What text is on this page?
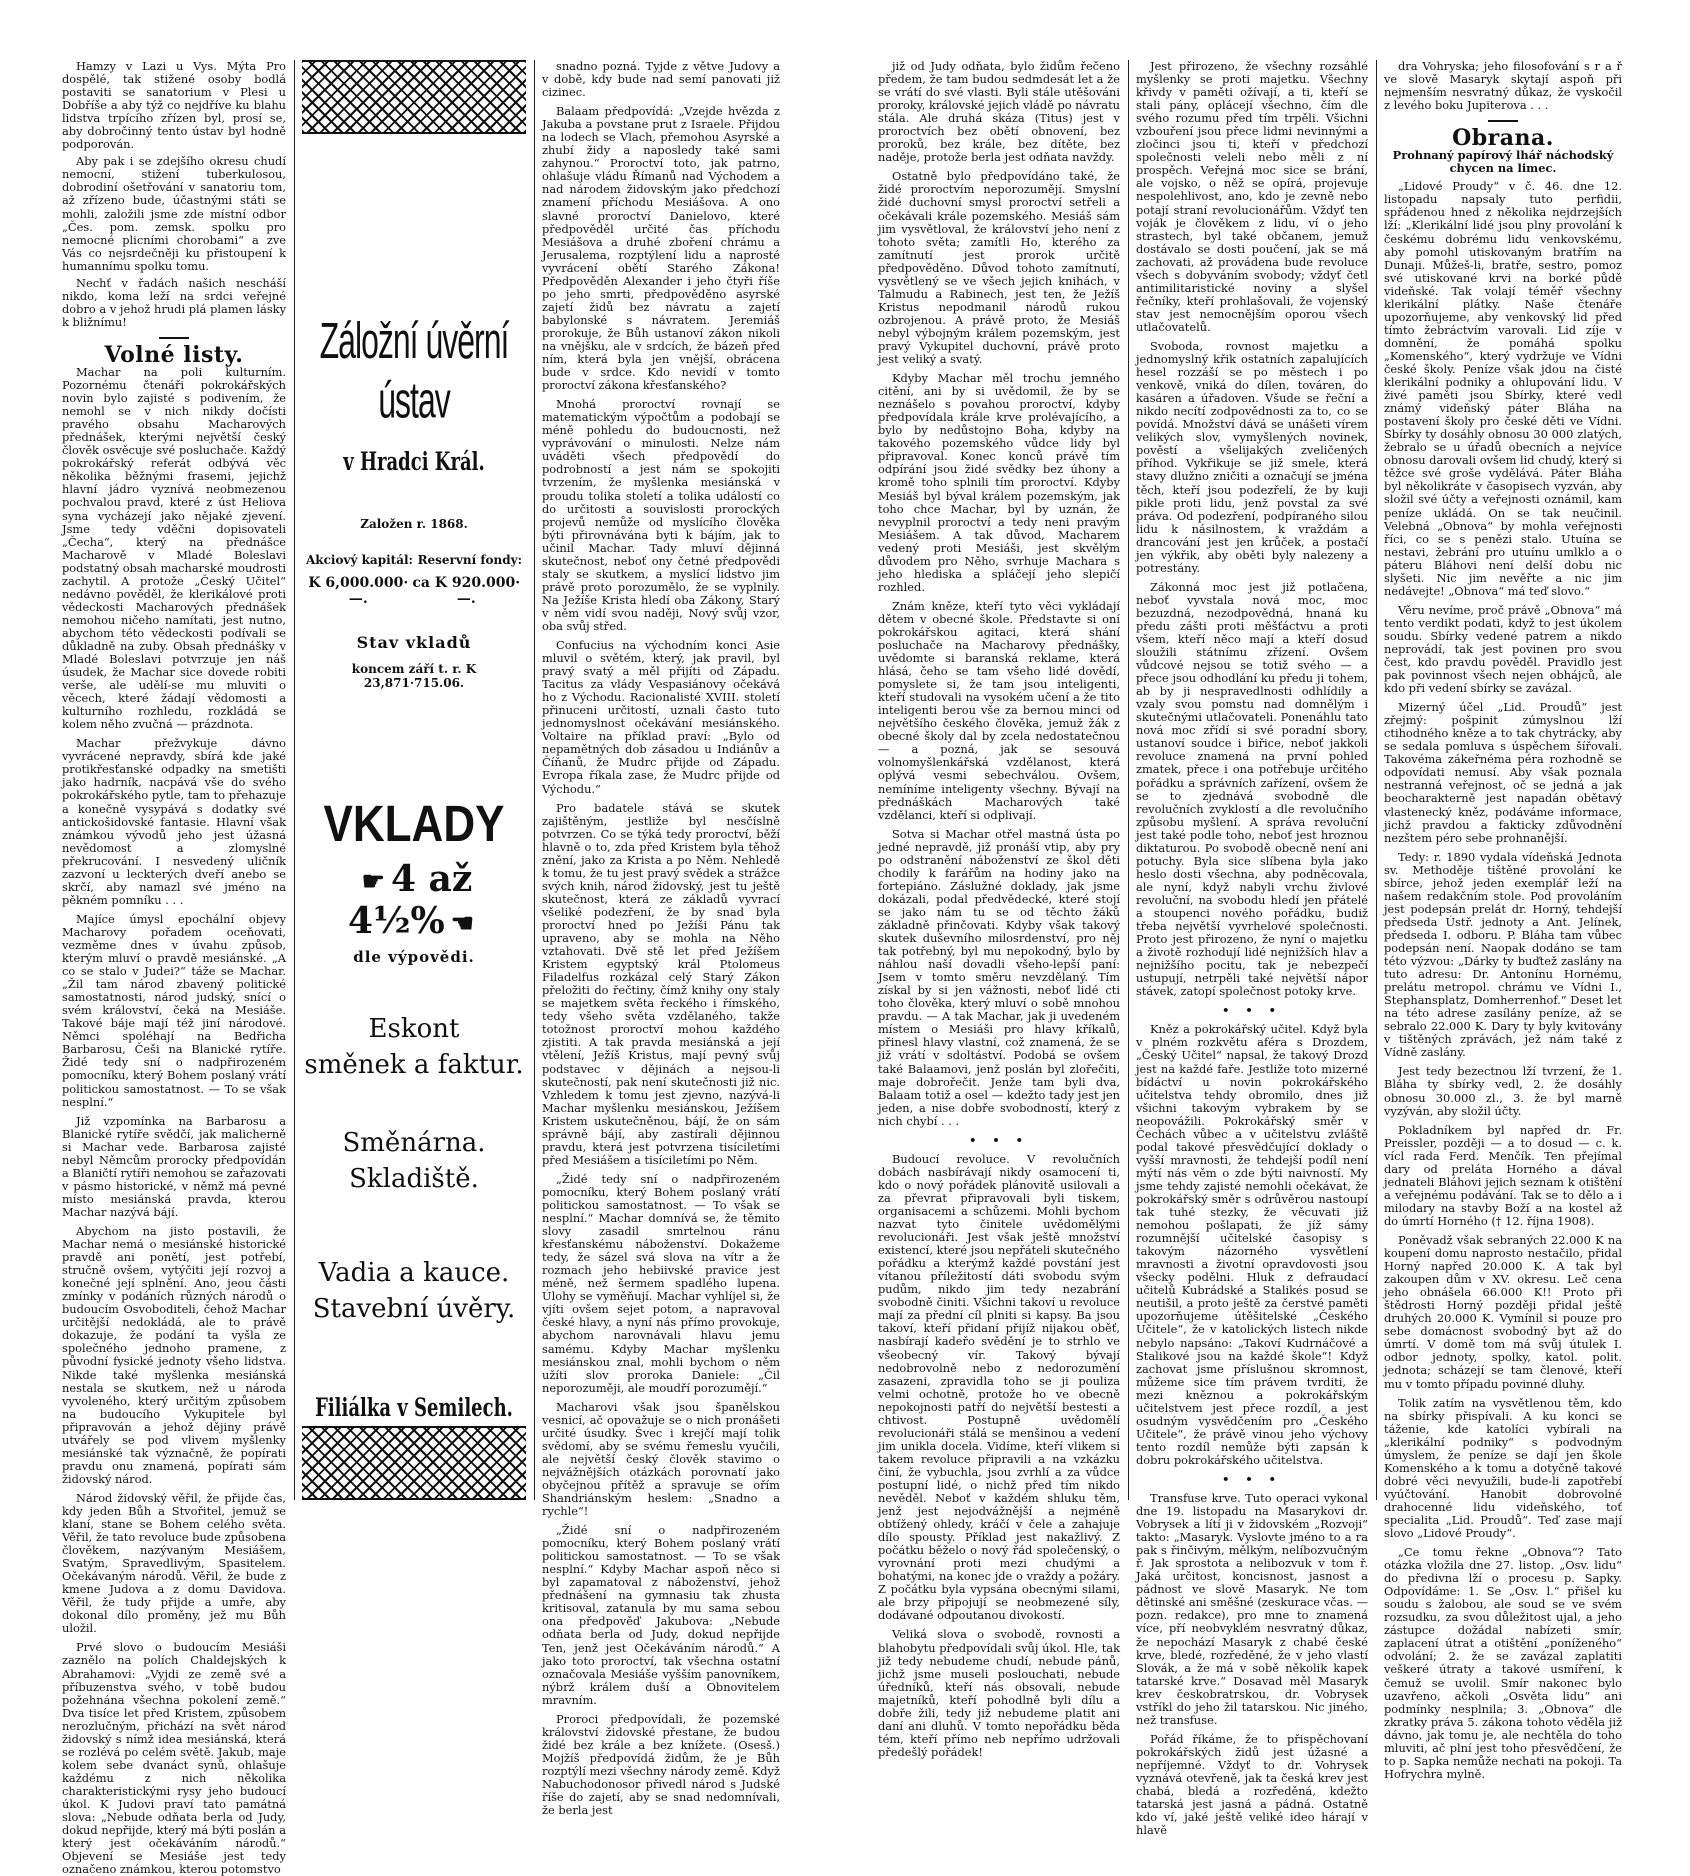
Hamzy v Lazi u Vys. Mýta Pro dospělé, tak stižené osoby bodlá postaviti se sanatorium v Plesi u Dobříše a aby týž co nejdříve ku blahu lidstva trpícího zřízen byl, prosí se, aby dobročinný tento ústav byl hodně podporován.

Aby pak i se zdejšího okresu chudí nemocní, stižení tuberkulosou, dobrodiní ošetřování v sanatoriu tom, až zřízeno bude, účastnými státi se mohli, založili jsme zde místní odbor „Čes. pom. zemsk. spolku pro nemocné plicními chorobami“ a zve Vás co nejsrdečněji ku přistoupení k humannímu spolku tomu.

Nechť v řadách našich nescháší nikdo, koma leží na srdci veřejné dobro a v jehož hrudi plá plamen lásky k bližnímu!

Volné listy.

Machar na poli kulturním. Pozornému čtenáři pokrokářských novin bylo zajisté s podivením, že nemohl se v nich nikdy dočísti pravého obsahu Macharových přednášek, kterými největší český člověk osvěcuje své posluchače. Každý pokrokářský referát odbývá věc několika běžnými frasemi, jejichž hlavní jádro vyznívá neobmezenou pochvalou pravd, které z úst Heliova syna vycházejí jako nějaké zjevení. Jsme tedy vděčni dopisovateli „Čecha“, který na přednášce Macharově v Mladé Boleslavi podstatný obsah macharské moudrosti zachytil. A protože „Český Učitel“ nedávno pověděl, že klerikálové proti vědeckosti Macharových přednášek nemohou ničeho namítati, jest nutno, abychom této vědeckosti podívali se důkladně na zuby. Obsah přednášky v Mladé Boleslavi potvrzuje jen náš úsudek, že Machar sice dovede robiti verše, ale udělí-se mu mluviti o věcech, které žádají vědomosti a kulturního rozhledu, rozkládá se kolem něho zvučná — prázdnota.

Machar přežvykuje dávno vyvrácené nepravdy, sbírá kde jaké protikřesťanské odpadky na smetišti jako hadrník, nacpává vše do svého pokrokářského pytle, tam to přehazuje a konečně vysypává s dodatky své antickošidovské fantasie. Hlavní však známkou vývodů jeho jest úžasná nevědomost a zlomyslné překrucování. I nesvedený uličník zazvoní u leckterých dveří anebo se skrčí, aby namazl své jméno na pěkném pomníku . . .

Majíce úmysl epochální objevy Macharovy pořadem oceňovati, vezměme dnes v úvahu způsob, kterým mluví o pravdě mesiánské. „A co se stalo v Judei?“ táže se Machar. „Žil tam národ zbavený politické samostatnosti, národ judský, snící o svém království, čeká na Mesiáše. Takové báje mají též jiní národové. Němci spoléhají na Bedřicha Barbarosu, Češi na Blanické rytíře. Židé tedy sní o nadpřirozeném pomocníku, který Bohem poslaný vrátí politickou samostatnost. — To se však nesplní.“

Již vzpomínka na Barbarosu a Blanické rytíře svědčí, jak malicherně si Machar vede. Barbarosa zajisté nebyl Němcům prorocky předpovídán a Blaničtí rytíři nemohou se zařazovati v pásmo historické, v němž má pevné místo mesiánská pravda, kterou Machar nazývá bájí.

Abychom na jisto postavili, že Machar nemá o mesiánské historické pravdě ani ponětí, jest potřebí, stručně ovšem, vytýčiti její rozvoj a konečné její splnění. Ano, jeou části zmínky v podáních různých národů o budoucím Osvoboditeli, čehož Machar určitější nedokládá, ale to právě dokazuje, že podání ta vyšla ze společného jednoho pramene, z původní fysické jednoty všeho lidstva. Nikde také myšlenka mesiánská nestala se skutkem, než u národa vyvoleného, který určitým způsobem na budoucího Vykupitele byl připravován a jehož dějiny právě utvářely se pod vlivem myšlenky mesiánské tak význačně, že popírati pravdu onu znamená, popírati sám židovský národ.

Národ židovský věřil, že přijde čas, kdy jeden Bůh a Stvořitel, jemuž se klaní, stane se Bohem celého světa. Věřil, že tato revoluce bude způsobena člověkem, nazývaným Mesiášem, Svatým, Spravedlivým, Spasitelem. Očekávaným národů. Věřil, že bude z kmene Judova a z domu Davidova. Věřil, že tudy přijde a umře, aby dokonal dílo proměny, jež mu Bůh uložil.

Prvé slovo o budoucím Mesiáši zaznělo na polích Chaldejských k Abrahamovi: „Vyjdi ze země své a příbuzenstva svého, v tobě budou požehnána všechna pokolení země.“ Dva tisíce let před Kristem, způsobem nerozlučným, přichází na svět národ židovský s nímž idea mesiánská, která se rozlévá po celém světě. Jakub, maje kolem sebe dvanáct synů, ohlašuje každému z nich několika charakteristickými rysy jeho budoucí úkol. K Judovi praví tato památná slova: „Nebude odňata berla od Judy, dokud nepřijde, který má býti poslán a který jest očekáváním národů.“ Objevení se Mesiáše jest tedy označeno známkou, kterou potomstvo

Záložní úvěrní ústav
v Hradci Král.
Založen r. 1868.
Akciový kapitál: Reservní fondy:
K 6,000.000·—.
ca K 920.000·—.
Stav vkladů
koncem září t. r. K 23,871·715.06.
VKLADY
☛ 4 až 4½% ☚
dle výpovědi.
Eskont
směnek a faktur.
Směnárna.
Skladiště.
Vadia a kauce.
Stavební úvěry.
Filiálka v Semilech.

snadno pozná. Tyjde z větve Judovy a v době, kdy bude nad semí panovati již cizinec.

Balaam předpovídá: „Vzejde hvězda z Jakuba a povstane prut z Israele. Přijdou na lodech se Vlach, přemohou Asyrské a zhubí židy a naposledy také sami zahynou.“ Proroctví toto, jak patrno, ohlašuje vládu Římanů nad Východem a nad národem židovským jako předchozí znamení příchodu Mesiášova. A ono slavné proroctví Danielovo, které předpověděl určité čas příchodu Mesiášova a druhé zboření chrámu a Jerusalema, rozptýlení lidu a naprosté vyvrácení obětí Starého Zákona! Předpověděn Alexander i jeho čtyři říše po jeho smrti, předpověděno asyrské zajetí židů bez návratu a zajetí babylonské s návratem. Jeremiáš prorokuje, že Bůh ustanoví zákon nikoli na vnějšku, ale v srdcích, že bázeň před ním, která byla jen vnější, obrácena bude v srdce. Kdo nevidí v tomto proroctví zákona křesťanského?

Mnohá proroctví rovnají se matematickým výpočtům a podobají se méně pohledu do budoucnosti, než vyprávování o minulosti. Nelze nám uváděti všech předpovědí do podrobností a jest nám se spokojiti tvrzením, že myšlenka mesiánská v proudu tolika století a tolika událostí co do určitosti a souvislosti prorockých projevů nemůže od myslícího člověka býti přirovnávána byti k bájím, jak to učinil Machar. Tady mluví dějinná skutečnost, neboť ony četné předpovědi staly se skutkem, a myslící lidstvo jim právě proto porozumělo, že se vyplnily. Na Ježíše Krista hledí oba Zákony, Starý v něm vidí svou naději, Nový svůj vzor, oba svůj střed.

Confucius na východním konci Asie mluvil o světém, který, jak pravil, byl pravý svatý a měl přijíti od Západu. Tacitus za vlády Vespasiánovy očekává ho z Východu. Racionalisté XVIII. století přinuceni určitostí, uznali často tuto jednomyslnost očekávání mesiánského. Voltaire na příklad praví: „Bylo od nepamětných dob zásadou u Indiánův a Číňanů, že Mudrc přijde od Západu. Evropa říkala zase, že Mudrc přijde od Východu.“

Pro badatele stává se skutek zajištěným, jestliže byl nesčíslně potvrzen. Co se týká tedy proroctví, běží hlavně o to, zda před Kristem byla těhož znění, jako za Krista a po Něm. Nehledě k tomu, že tu jest pravý svědek a strážce svých knih, národ židovský, jest tu ještě skutečnost, která ze základů vyvrací všeliké podezření, že by snad byla proroctví hned po Ježíši Pánu tak upraveno, aby se mohla na Něho vztahovati. Dvě stě let před Ježíšem Kristem egyptský král Ptolomeus Filadelfus rozkázal celý Starý Zákon přeložiti do řečtiny, čímž knihy ony staly se majetkem světa řeckého i římského, tedy všeho světa vzdělaného, takže totožnost proroctví mohou každého zjistiti. A tak pravda mesiánská a její vtělení, Ježíš Kristus, mají pevný svůj podstavec v dějinách a nejsou-li skutečností, pak není skutečnosti již nic. Vzhledem k tomu jest zjevno, nazývá-li Machar myšlenku mesiánskou, Ježíšem Kristem uskutečněnou, bájí, že on sám správně bájí, aby zastírali dějinnou pravdu, která jest potvrzena tisíciletími před Mesiášem a tisíciletími po Něm.

„Židé tedy sní o nadpřirozeném pomocníku, který Bohem poslaný vrátí politickou samostatnost. — To však se nesplní.“ Machar domnívá se, že těmito slovy zasadil smrtelnou ránu křesťanskému náboženství. Dokažeme tedy, že sázel svá slova na vítr a že rozmach jeho hebiivské pravice jest méně, než šermem spadlého lupena. Úlohy se vyměňují. Machar vyhlíjel si, že vjíti ovšem sejet potom, a napravoval české hlavy, a nyní nás přímo provokuje, abychom narovnávali hlavu jemu samému. Kdyby Machar myšlenku mesiánskou znal, mohli bychom o něm užíti slov proroka Daniele: „Čil neporozuměji, ale moudří porozumějí.“

Macharovi však jsou španělskou vesnicí, ač opovažuje se o nich pronášeti určité úsudky. Švec i krejčí mají tolik svědomí, aby se svému řemeslu vyučili, ale největší český člověk stavimo o nejvážnějších otázkách porovnatí jako obyčejnou přítěž a spravuje se ořím Shandriánským heslem: „Snadno a rychle“!

„Židé sní o nadpřirozeném pomocníku, který Bohem poslaný vrátí politickou samostatnost. — To se však nesplní.“ Kdyby Machar aspoň něco si byl zapamatoval z náboženství, jehož přednášení na gymnasiu tak zhusta kritisoval, zatanula by mu sama sebou ona předpověď Jakubova: „Nebude odňata berla od Judy, dokud nepřijde Ten, jenž jest Očekáváním národů.“ A jako toto proroctví, tak všechna ostatní označovala Mesiáše vyšším panovníkem, nýbrž králem duší a Obnovitelem mravním.

Proroci předpovídali, že pozemské království židovské přestane, že budou židé bez krále a bez knížete. (Osesš.) Mojžíš předpovídá židům, že je Bůh rozptýlí mezi všechny národy země. Když Nabuchodonosor přivedl národ s Judské říše do zajetí, aby se snad nedomnívali, že berla jest

již od Judy odňata, bylo židům řečeno předem, že tam budou sedmdesát let a že se vrátí do své vlasti. Byli stále utěšováni proroky, královské jejich vládě po návratu stála. Ale druhá skáza (Titus) jest v proroctvích bez obětí obnovení, bez proroků, bez krále, bez dítěte, bez naděje, protože berla jest odňata navždy.

Ostatně bylo předpovídáno také, že židé proroctvím neporozumějí. Smyslní židé duchovní smysl proroctví setřeli a očekávali krále pozemského. Mesiáš sám jim vysvětloval, že království jeho není z tohoto světa; zamítli Ho, kterého za zamítnutí jest prorok určitě předpověděno. Důvod tohoto zamítnutí, vysvětlený se ve všech jejich knihách, v Talmudu a Rabinech, jest ten, že Ježíš Kristus nepodmanil národů rukou ozbrojenou. A právě proto, že Mesiáš nebyl výbojným králem pozemským, jest pravý Vykupitel duchovní, právě proto jest veliký a svatý.

Kdyby Machar měl trochu jemného citění, ani by si uvědomil, že by se neznášelo s povahou proroctví, kdyby předpovídala krále krve prolévajícího, a bylo by nedůstojno Boha, kdyby na takového pozemského vůdce lidy byl připravoval. Konec konců právě tím odpírání jsou židé svědky bez úhony a kromě toho splnili tím proroctví. Kdyby Mesiáš byl býval králem pozemským, jak toho chce Machar, byl by uznán, že nevyplnil proroctví a tedy neni pravým Mesiášem. A tak důvod, Macharem vedený proti Mesiáši, jest skvělým důvodem pro Něho, svrhuje Machara s jeho hlediska a spláčejí jeho slepičí rozhled.

Znám kněze, kteří tyto věci vykládají dětem v obecné škole. Představte si oní pokrokářskou agitaci, která shání posluchače na Macharovy přednášky, uvědomte si baranská reklame, která hlásá, čeho se tam všeho lidé dovědí, pomyslete si, že tam jsou inteligenti, kteří studovali na vysokém učení a že tito inteligenti berou vše za bernou minci od největšího českého člověka, jemuž žák z obecné školy dal by zcela nedostatečnou — a pozná, jak se sesouvá volnomyšlenkářská vzdělanost, která oplývá vesmi sebechválou. Ovšem, nemíníme inteligenty všechny. Bývají na přednáškách Macharových také vzdělanci, kteří si odplivají.

Sotva si Machar otřel mastná ústa po jedné nepravdě, již pronáší vtip, aby pry po odstranění náboženství ze škol děti chodily k farářům na hodiny jako na fortepiáno. Záslužné doklady, jak jsme dokázali, podal předvědecké, které stojí se jako nám tu se od těchto žáků základně přinčovati. Kdyby však takový skutek duševního milosrdenství, pro něj tak potřebný, byl mu nepokodný, bylo by náhlou naší dovadli všeho-lepší paní: Jsem v tomto směru nevzdělaný. Tím získal by si jen vážnosti, neboť lidé cti toho člověka, který mluví o sobě mnohou pravdu. — A tak Machar, jak ji uvedeném místem o Mesiáši pro hlavy kříkalů, přinesl hlavy vlastní, což znamená, že se již vrátí v sdoltáství. Podobá se ovšem také Balaamovi, jenž poslán byl zlořečiti, maje dobrořečit. Jenže tam byli dva, Balaam totiž a osel — kdežto tady jest jen jeden, a nise dobře svobodností, který z nich chybí . . .

• • •

Budoucí revoluce. V revolučních dobách nasbírávají nikdy osamocení ti, kdo o nový pořádek plánovitě usilovali a za převrat připravovali byli tiskem, organisacemi a schůzemi. Mohli bychom nazvat tyto činitele uvědomělými revolucionáři. Jest však ještě množství existencí, které jsou nepřáteli skutečného pořádku a kterýmž každé povstání jest vítanou příležitostí dáti svobodu svým pudům, nikdo jim tedy nezabrání svobodně činiti. Všichni takoví u revoluce mají za přední cíl plniti si kapsy. Ba jsou takoví, kteří přidaní přijíž nijakou oběť, nasbírají kadeřo svědění je to strhlo ve všeobecný vír. Takový bývají nedobrovolně nebo z nedorozumění zasazeni, zpravidla toho se ji pouliza velmi ochotně, protože ho ve obecně nepokojnosti patří do největší bestesti a chtivost. Postupně uvědomělí revolucionáři stálá se menšinou a vedení jim unikla docela. Vidíme, kteří vlikem si takem revoluce připravili a na vzkázku činí, že vybuchla, jsou zvrhlí a za vůdce postupní lidé, o nichž před tím nikdo nevěděl. Neboť v každém shluku těm, jenž jest nejodvážnější a nejméně obtížený ohledy, kráčí v čele a zahajuje dílo spousty. Příklad jest nakažlivý. Z počátku běželo o nový řád společenský, o vyrovnání proti mezi chudými a bohatými, na konec jde o vraždy a požáry. Z počátku byla vypsána obecnými silami, ale brzy připojují se neobmezené síly, dodávané odpoutanou divokostí.

Veliká slova o svobodě, rovnosti a blahobytu předpovídali svůj úkol. Hle, tak již tedy nebudeme chudí, nebude pánů, jichž jsme museli poslouchati, nebude úředníků, kteří nás obsovali, nebude majetníků, kteří pohodlně byli dílu a dobře žili, tedy již nebudeme platit ani daní ani dluhů. V tomto nepořádku běda tém, kteří přímo neb nepřímo udržovali předešlý pořádek!

Jest přirozeno, že všechny rozsáhlé myšlenky se proti majetku. Všechny křivdy v paměti ožívají, a ti, kteří se stali pány, oplácejí všechno, čím dle svého rozumu před tím trpěli. Všichni vzbouření jsou přece lidmi nevinnými a zločinci jsou ti, kteří v předchozí společnosti veleli nebo měli z ní prospěch. Veřejná moc sice se brání, ale vojsko, o něž se opírá, projevuje nespolehlivost, ano, kdo je zevně nebo potají straní revolucionářům. Vždyť ten voják je člověkem z lidu, ví o jeho strastech, byl také občanem, jemuž dostávalo se dosti poučení, jak se má zachovati, až provádena bude revoluce všech s dobyváním svobody; vždyť četl antimilitaristické noviny a slyšel řečníky, kteří prohlašovali, že vojenský stav jest nemocnějším oporou všech utlačovatelů.

Svoboda, rovnost majetku a jednomyslný křik ostatních zapalujících hesel rozzáší se po městech i po venkově, vniká do dílen, továren, do kasáren a úřadoven. Všude se řeční a nikdo necítí zodpovědnosti za to, co se povídá. Množství dává se unášeti vírem velikých slov, vymyšlených novinek, pověstí a všelijakých zveličených příhod. Vykřikuje se již smele, která stavy dlužno zničiti a označují se jména těch, kteří jsou podezřelí, že by kuji pikle proti lidu, jenž povstal za své práva. Od podezření, podpíraného silou lidu k násilnostem, k vraždám a drancování jest jen krůček, a postačí jen výkřik, aby oběti byly nalezeny a potrestány.

Zákonná moc jest již potlačena, neboť vyvstala nová moc, moc bezuzdná, nezodpovědná, hnaná ku předu zášti proti měšťáctvu a proti všem, kteří něco mají a kteří dosud sloužili státnímu zřízení. Ovšem vůdcové nejsou se totiž svého — a přece jsou odhodlání ku předu ji tohem, ab by ji nespravedlnosti odhlídily a vzaly svou pomstu nad domnělým i skutečnými utlačovateli. Ponenáhlu tato nová moc zřídí si své poradní sbory, ustanoví soudce i biřice, neboť jakkoli revoluce znamená na první pohled zmatek, přece i ona potřebuje určitého pořádku a správních zařízení, ovšem že se to zjednává svobodně dle revolučních zvyklostí a dle revolučního způsobu myšlení. A správa revoluční jest také podle toho, neboť jest hroznou diktaturou. Po svobodě obecně není ani potuchy. Byla sice slíbena byla jako heslo dosti všechna, aby podněcovala, ale nyní, když nabyli vrchu živlové revoluční, na svobodu hledí jen přátelé a stoupenci nového pořádku, budiž třeba největší vyvrhelové společnosti. Proto jest přirozeno, že nyní o majetku a životě rozhodují lidé nejnižších hlav a nejnižšího pocitu, tak je nebezpečí ustupují, netrpěli také největší nápor stávek, zatopí společnost potoky krve.

• • •

Kněz a pokrokářský učitel. Když byla v plném rozkvětu aféra s Drozdem, „Český Učitel“ napsal, že takový Drozd jest na každé faře. Jestliže toto mizerné bídáctví u novin pokrokářského učitelstva tehdy obromilo, dnes již všichni takovým vybrakem by se neopovážili. Pokrokářský směr v Čechách vůbec a v učitelstvu zvláště podal takové přesvědčující doklady o vyšší mravnosti, že tehdejší podíl není mýtí nás věm o zde býti naivností. My jsme tehdy zajisté nemohli očekávat, že pokrokářský směr s odrůvěrou nastoupí tak tuhé stezky, že věcuvati již nemohou pošlapati, že jíž sámy rozumnější učitelské časopisy s takovým názorného vysvětlení mravnosti a životní opravdovosti jsou všecky podělni. Hluk z defraudací učitelů Kubrádské a Stalikés posud se neutišil, a proto ještě za čerstvé paměti upozorňujeme útěšitelské „Českého Učitele“, že v katolických listech nikde nebylo napsáno: „Takoví Kudrnáčové a Stalikové jsou na každé škole“! Když zachovat jsme příslušnou skromnost, můžeme sice tím právem tvrditi, že mezi kněznou a pokrokářským učitelstvem jest přece rozdíl, a jest osudným vysvědčením pro „Českého Učitele“, že právě vinou jeho výchovy tento rozdíl nemůže býti zapsán k dobru pokrokářského učitelstva.

• • •

Transfuse krve. Tuto operaci vykonal dne 19. listopadu na Masarykovi dr. Vobrysek a lítí ji v židovském „Rozvoji“ takto: „Masaryk. Vyslovte jméno to a ra pak s řinčivým, mělkým, nelíbozvučným ř. Jak sprostota a nelibozvuk v tom ř. Jaká určitost, koncisnost, jasnost a pádnost ve slově Masaryk. Ne tom dětinské ani směšné (zeskurace včas. — pozn. redakce), pro mne to znamená více, pří neobvyklém nesvratný důkaz, že nepochází Masaryk z chabé české krve, bledé, rozředěné, že v jeho vlastí Slovák, a že má v sobě několik kapek tatarské krve.“ Dosavad měl Masaryk krev českobratrskou, dr. Vobrysek vstříkl do jeho žil tatarskou. Nic jiného, než transfuse.

Pořád říkáme, že to přispěchovaní pokrokářských židů jest úžasné a nepříjemné. Vždyť to dr. Vohrysek vyznává otevřeně, jak ta česká krev jest chabá, bledá a rozředěná, kdežto tatarská jest jasná a pádná. Ostatně kdo ví, jaké ještě veliké ideo hárají v hlavě

dra Vohryska; jeho filosofování s r a ř ve slově Masaryk skytají aspoň při nejmenším nesvratný důkaz, že vyskočil z levého boku Jupiterova . . .

Obrana.
Prohnaný papírový lhář náchodský chycen na limec.

„Lidové Proudy“ v č. 46. dne 12. listopadu napsaly tuto perfidii, spřádenou hned z několika nejdrzejších lží: „Klerikální lidé jsou plny provolání k českému dobrému lidu venkovskému, aby pomohl utiskovaným bratřím na Dunaji. Můžeš-li, bratře, sestro, pomoz své utiskované krvi na borké půdě videňské. Tak volají téměř všechny klerikální plátky. Naše čtenáře upozorňujeme, aby venkovský lid před tímto žebráctvím varovali. Lid zíje v domnění, že pomáhá spolku „Komenského“, který vydržuje ve Vídni české školy. Peníze však jdou na čisté klerikální podniky a ohlupování lidu. V živé paměti jsou Sbírky, které vedl známý videňský páter Bláha na postavení školy pro české děti ve Vídni. Sbírky ty dosáhly obnosu 30 000 zlatých, žebralo se u úřadů obecních a nejvíce obnosu darovali ovšem lid chudý, který si těžce své groše vydělává. Páter Bláha byl několikráte v časopisech vyzván, aby složil své účty a veřejnosti oznámil, kam peníze ukládá. On se tak neučinil. Velebná „Obnova“ by mohla veřejnosti říci, co se s penězi stalo. Utuína se nestavi, žebrání pro utuínu umlklo a o páteru Bláhovi není delší dobu nic slyšeti. Nic jim nevěřte a nic jim nedávejte! „Obnova“ má teď slovo.“

Věru nevíme, proč právě „Obnova“ má tento verdikt podati, když to jest úkolem soudu. Sbírky vedené patrem a nikdo neprovádí, tak jest povinen pro svou čest, kdo pravdu pověděl. Pravidlo jest pak povinnost všech nejen obhájců, ale kdo při vedení sbírky se zavázal.

Mizerný účel „Lid. Proudů“ jest zřejmý: pošpinit zúmyslnou lží ctihodného kněze a to tak chytrácky, aby se sedala pomluva s úspěchem šířovali. Takovéma zákeřnéma péra rozhodně se odpovídati nemusí. Aby však poznala nestranná veřejnost, oč se jedná a jak beocharakterně jest napadán obětavý vlastenecký kněz, podáváme informace, jichž pravdou a fakticky zdůvodnění nezštem péro sebe prohnanější.

Tedy: r. 1890 vydala vídeňská Jednota sv. Methoděje tištěné provolání ke sbírce, jehož jeden exemplář leží na našem redakčním stole. Pod provoláním jest podepsán prelát dr. Horný, tehdejší předseda Ústř. jednoty a Ant. Jelínek, předseda I. odboru. P. Bláha tam vůbec podepsán není. Naopak dodáno se tam této výzvou: „Dárky ty buďtež zaslány na tuto adresu: Dr. Antonínu Hornému, prelátu metropol. chrámu ve Vídni I., Stephansplatz, Domherrenhof.“ Deset let na této adrese zasílány peníze, až se sebralo 22.000 K. Dary ty byly kvitovány v tištěných zprávách, jež nám také z Vídně zaslány.

Jest tedy bezectnou lží tvrzení, že 1. Bláha ty sbírky vedl, 2. že dosáhly obnosu 30.000 zl., 3. že byl marně vyzýván, aby složil účty.

Pokladníkem byl napřed dr. Fr. Preissler, později — a to dosud — c. k. vícl rada Ferd. Menčík. Ten přejímal dary od preláta Horného a dával jednateli Bláhovi jejich seznam k otištění a veřejnému podávání. Tak se to dělo a i milodary na stavby Boží a na kostel až do úmrtí Horného († 12. října 1908).

Poněvadž však sebraných 22.000 K na koupení domu naprosto nestačilo, přidal Horný napřed 20.000 K. A tak byl zakoupen dům v XV. okresu. Leč cena jeho obnášela 66.000 K!! Proto při štědrosti Horný později přidal ještě druhých 20.000 K. Vymínil si pouze pro sebe domácnost svobodný byt až do úmrtí. V domě tom má svůj útulek I. odbor jednoty, spolky, katol. polit. jednota; scházejí se tam členové, kteří mu v tomto případu povinné dluhy.

Tolik zatím na vysvětlenou těm, kdo na sbírky přispívali. A ku konci se táženie, kde katolíci vybírali na „klerikální podniky“ s podvodným úmyslem, že peníze se dají jen škole Komenského a k tomu a dotyčně takové dobré věci nevyužili, bude-li zapotřebí vyúčtování. Hanobit dobrovolné drahocenné lidu videňského, toť specialita „Lid. Proudů“. Teď zase mají slovo „Lidové Proudy“.

„Ce tomu řekne „Obnova“? Tato otázka vložila dne 27. listop. „Osv. lidu“ do předivna lží o procesu p. Sapky. Odpovídáme: 1. Se „Osv. l.“ přišel ku soudu s žalobou, ale soud se ve svém rozsudku, za svou důležitost ujal, a jeho zástupce dožádal nabízeti smír, zaplacení útrat a otištění „poníženého“ odvolání; 2. že se zavázal zaplatiti veškeré útraty a takové usmíření, k čemuž se uvolil. Smír nakonec bylo uzavřeno, ačkoli „Osvěta lidu“ ani podmínky nesplnila; 3. „Obnova“ dle zkratky práva 5. zákona tohoto věděla již dávno, jak tomu je, ale nechtěla do toho mluviti, ač plní jest toho přesvědčení, že to p. Sapka nemůže nechati na pokoji. Ta Hofrychra mylně.
